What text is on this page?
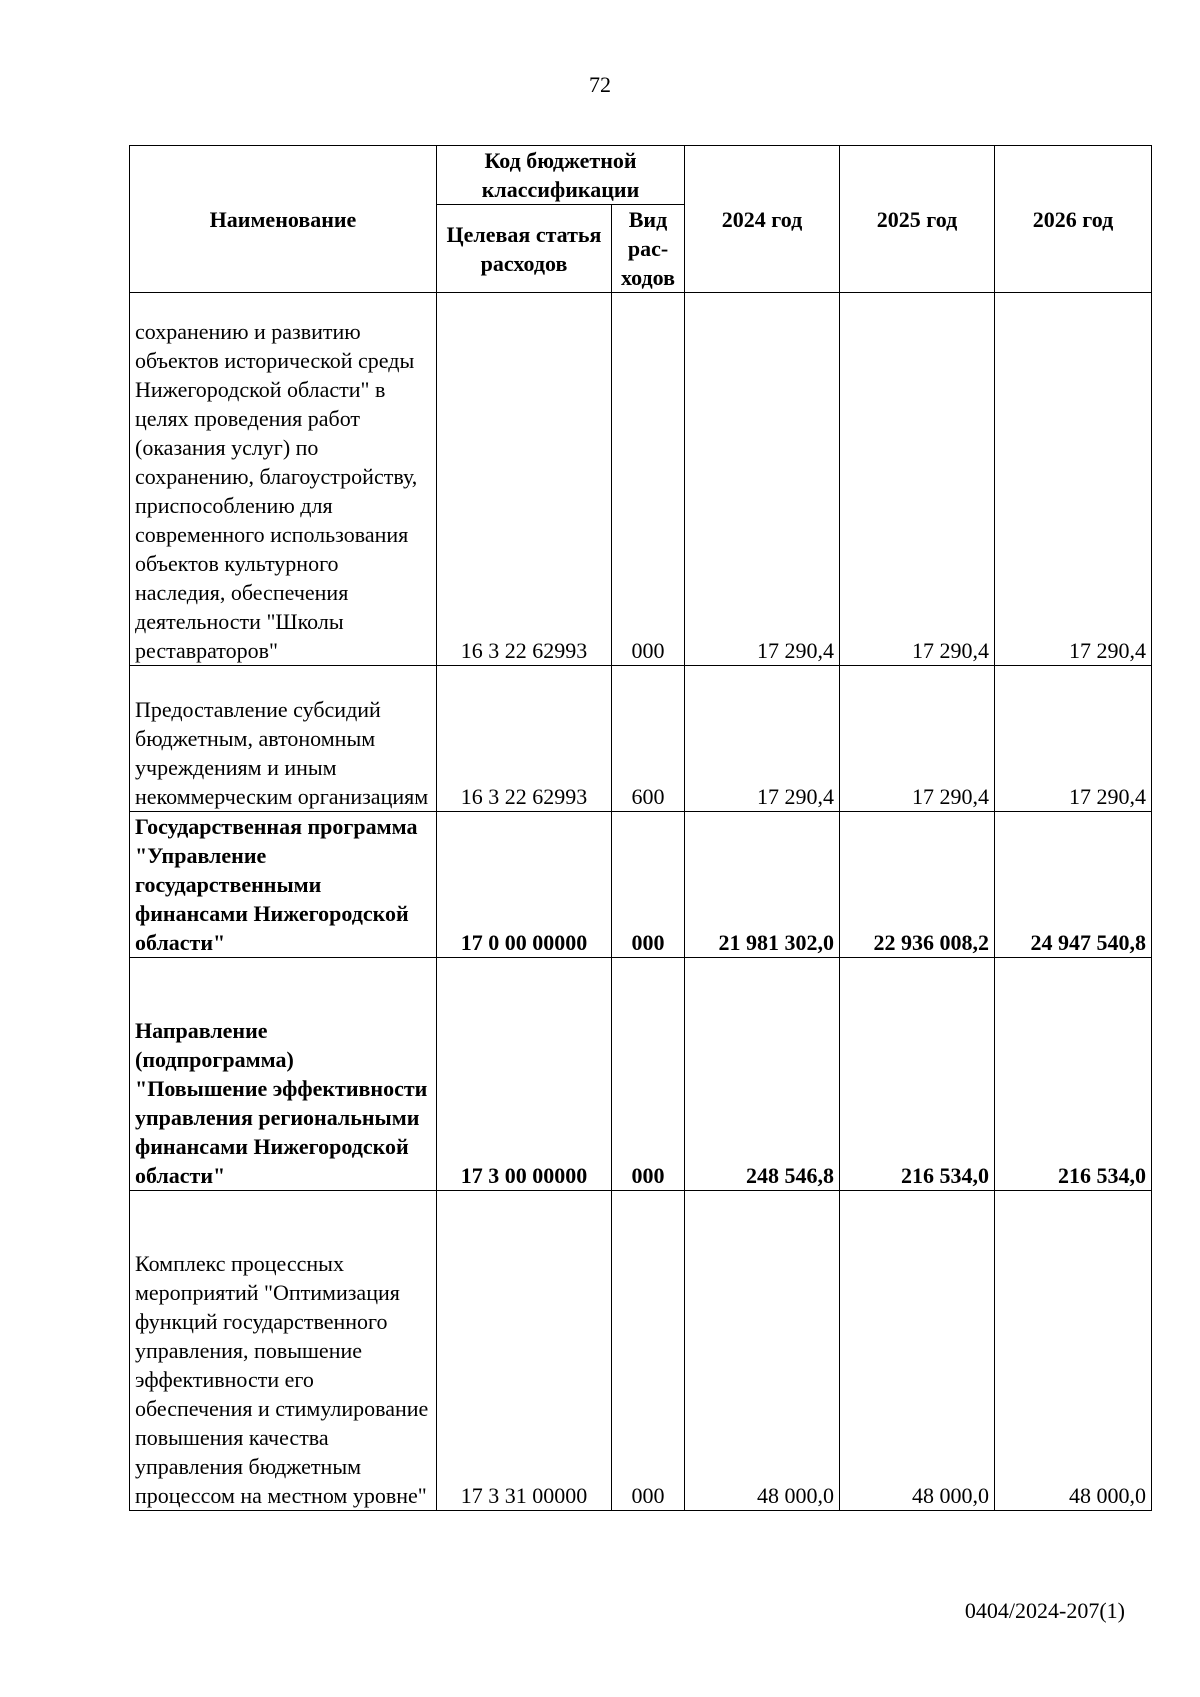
72
Наименование	Код бюджетной классификации		2024 год	2025 год	2026 год
	Целевая статья расходов	Вид рас-ходов			
сохранению и развитию объектов исторической среды Нижегородской области" в целях проведения работ (оказания услуг) по сохранению, благоустройству, приспособлению для современного использования объектов культурного наследия, обеспечения деятельности "Школы реставраторов"	16 3 22 62993	000	17 290,4	17 290,4	17 290,4
Предоставление субсидий бюджетным, автономным учреждениям и иным некоммерческим организациям	16 3 22 62993	600	17 290,4	17 290,4	17 290,4
Государственная программа "Управление государственными финансами Нижегородской области"	17 0 00 00000	000	21 981 302,0	22 936 008,2	24 947 540,8
Направление (подпрограмма) "Повышение эффективности управления региональными финансами Нижегородской области"	17 3 00 00000	000	248 546,8	216 534,0	216 534,0
Комплекс процессных мероприятий "Оптимизация функций государственного управления, повышение эффективности его обеспечения и стимулирование повышения качества управления бюджетным процессом на местном уровне"	17 3 31 00000	000	48 000,0	48 000,0	48 000,0
0404/2024-207(1)
